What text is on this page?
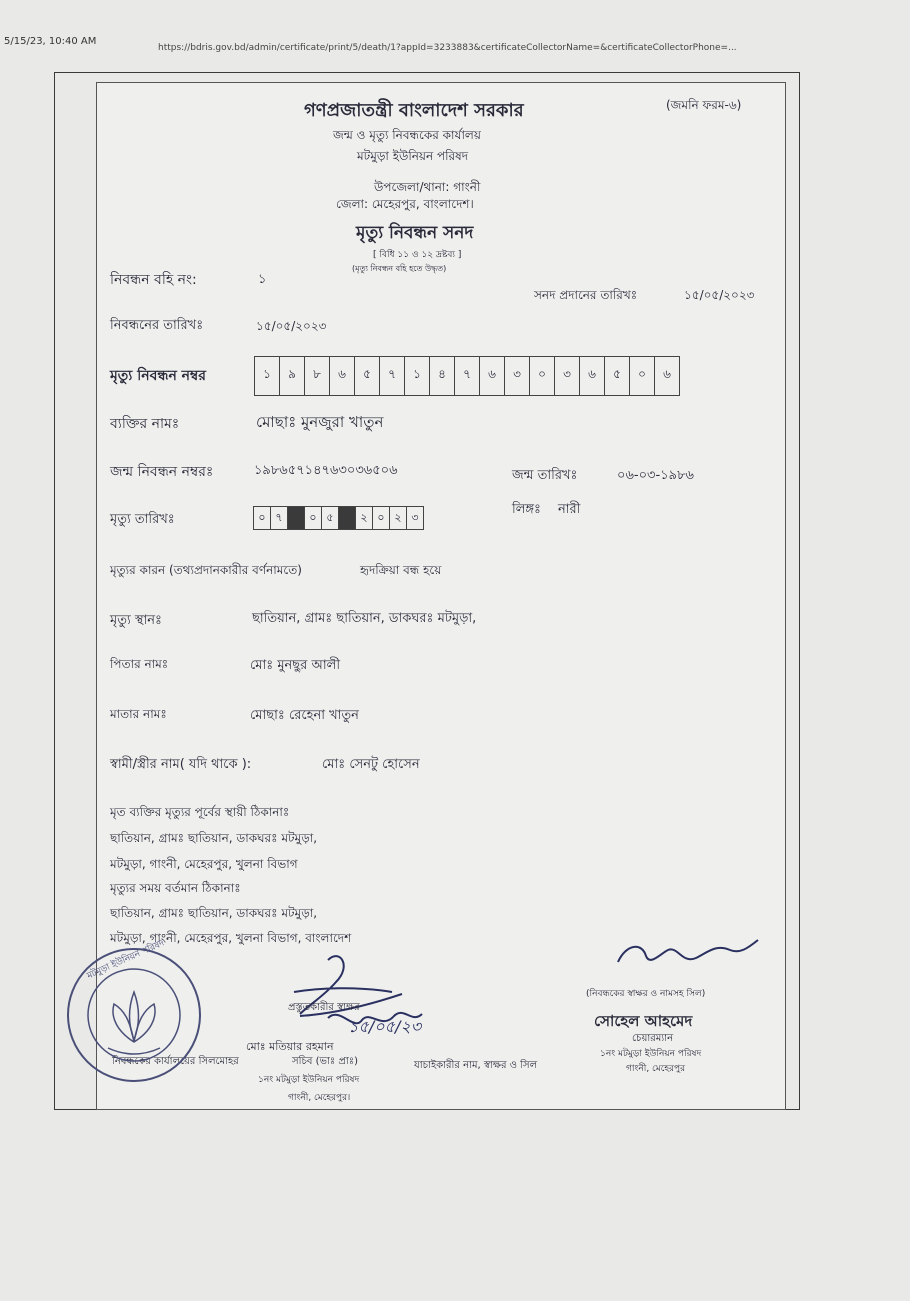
5/15/23, 10:40 AM
https://bdris.gov.bd/admin/certificate/print/5/death/1?appId=3233883&certificateCollectorName=&certificateCollectorPhone=...
গণপ্রজাতন্ত্রী বাংলাদেশ সরকার	(জমনি ফরম-৬)
জন্ম ও মৃত্যু নিবন্ধকের কার্যালয়
মটমুড়া ইউনিয়ন পরিষদ
উপজেলা/থানা: গাংনী
জেলা: মেহেরপুর, বাংলাদেশ।
মৃত্যু নিবন্ধন সনদ
[ বিধি ১১ ও ১২ দ্রষ্টব্য ]
(মৃত্যু নিবন্ধন বহি হতে উদ্ধৃত)
নিবন্ধন বহি নং:	১
সনদ প্রদানের তারিখঃ	১৫/০৫/২০২৩
নিবন্ধনের তারিখঃ	১৫/০৫/২০২৩
মৃত্যু নিবন্ধন নম্বর	১	৯	৮	৬	৫	৭	১	৪	৭	৬	৩	০	৩	৬	৫	০	৬
ব্যক্তির নামঃ	মোছাঃ মুনজুরা খাতুন
জন্ম নিবন্ধন নম্বরঃ	১৯৮৬৫৭১৪৭৬৩০৩৬৫০৬	জন্ম তারিখঃ	০৬-০৩-১৯৮৬
মৃত্যু তারিখঃ	০ ৭	০ ৫	২ ০ ২ ৩	লিঙ্গঃ নারী
মৃত্যুর কারন (তথ্যপ্রদানকারীর বর্ণনামতে)	হৃদক্রিয়া বন্ধ হয়ে
মৃত্যু স্থানঃ	ছাতিয়ান, গ্রামঃ ছাতিয়ান, ডাকঘরঃ মটমুড়া,
পিতার নামঃ	মোঃ মুনছুর আলী
মাতার নামঃ	মোছাঃ রেহেনা খাতুন
স্বামী/স্ত্রীর নাম( যদি থাকে ):	মোঃ সেনটু হোসেন
মৃত ব্যক্তির মৃত্যুর পূর্বের স্থায়ী ঠিকানাঃ
ছাতিয়ান, গ্রামঃ ছাতিয়ান, ডাকঘরঃ মটমুড়া,
মটমুড়া, গাংনী, মেহেরপুর, খুলনা বিভাগ
মৃত্যুর সময় বর্তমান ঠিকানাঃ
ছাতিয়ান, গ্রামঃ ছাতিয়ান, ডাকঘরঃ মটমুড়া,
মটমুড়া, গাংনী, মেহেরপুর, খুলনা বিভাগ, বাংলাদেশ
১৫/০৫/২৩
প্রস্তুতকারীর স্বাক্ষর
মোঃ মতিয়ার রহমান
নিবন্ধকের কার্যালয়ের সিলমোহর	সচিব (ভাঃ প্রাঃ)
১নং মটমুড়া ইউনিয়ন পরিষদ
গাংনী, মেহেরপুর।
যাচাইকারীর নাম, স্বাক্ষর ও সিল
(নিবন্ধকের স্বাক্ষর ও নামসহ সিল)
সোহেল আহমেদ
চেয়ারম্যান
১নং মটমুড়া ইউনিয়ন পরিষদ
গাংনী, মেহেরপুর
মটমুড়া ইউনিয়ন পরিষদ
